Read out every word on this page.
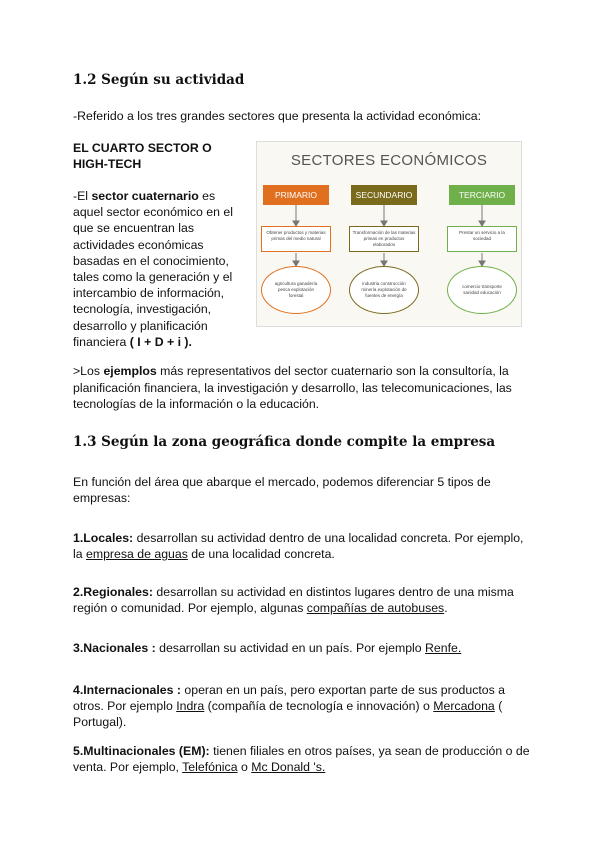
1.2 Según su actividad

-Referido a los tres grandes sectores que presenta la actividad económica:

EL CUARTO SECTOR O

HIGH-TECH

-El sector cuaternario es aquel sector económico en el que se encuentran las actividades económicas basadas en el conocimiento, tales como la generación y el intercambio de información, tecnología, investigación, desarrollo y planificación financiera ( I + D + i ).

SECTORES ECONÓMICOS
PRIMARIO	SECUNDARIO	TERCIARIO
Obtener productos y materias primas del medio natural
Transformación de las materias primas en productos elaborados
Prestar un servicio a la sociedad
agricultura ganadería pesca explotación forestal
industria construcción minería explotación de fuentes de energía
comercio transporte sanidad educación

>Los ejemplos más representativos del sector cuaternario son la consultoría, la planificación financiera, la investigación y desarrollo, las telecomunicaciones, las tecnologías de la información o la educación.

1.3 Según la zona geográfica donde compite la empresa

En función del área que abarque el mercado, podemos diferenciar 5 tipos de empresas:

1.Locales: desarrollan su actividad dentro de una localidad concreta. Por ejemplo, la empresa de aguas de una localidad concreta.

2.Regionales: desarrollan su actividad en distintos lugares dentro de una misma región o comunidad. Por ejemplo, algunas compañías de autobuses.

3.Nacionales : desarrollan su actividad en un país. Por ejemplo Renfe.

4.Internacionales : operan en un país, pero exportan parte de sus productos a otros. Por ejemplo Indra (compañía de tecnología e innovación) o Mercadona ( Portugal).

5.Multinacionales (EM): tienen filiales en otros países, ya sean de producción o de venta. Por ejemplo, Telefónica o Mc Donald 's.
